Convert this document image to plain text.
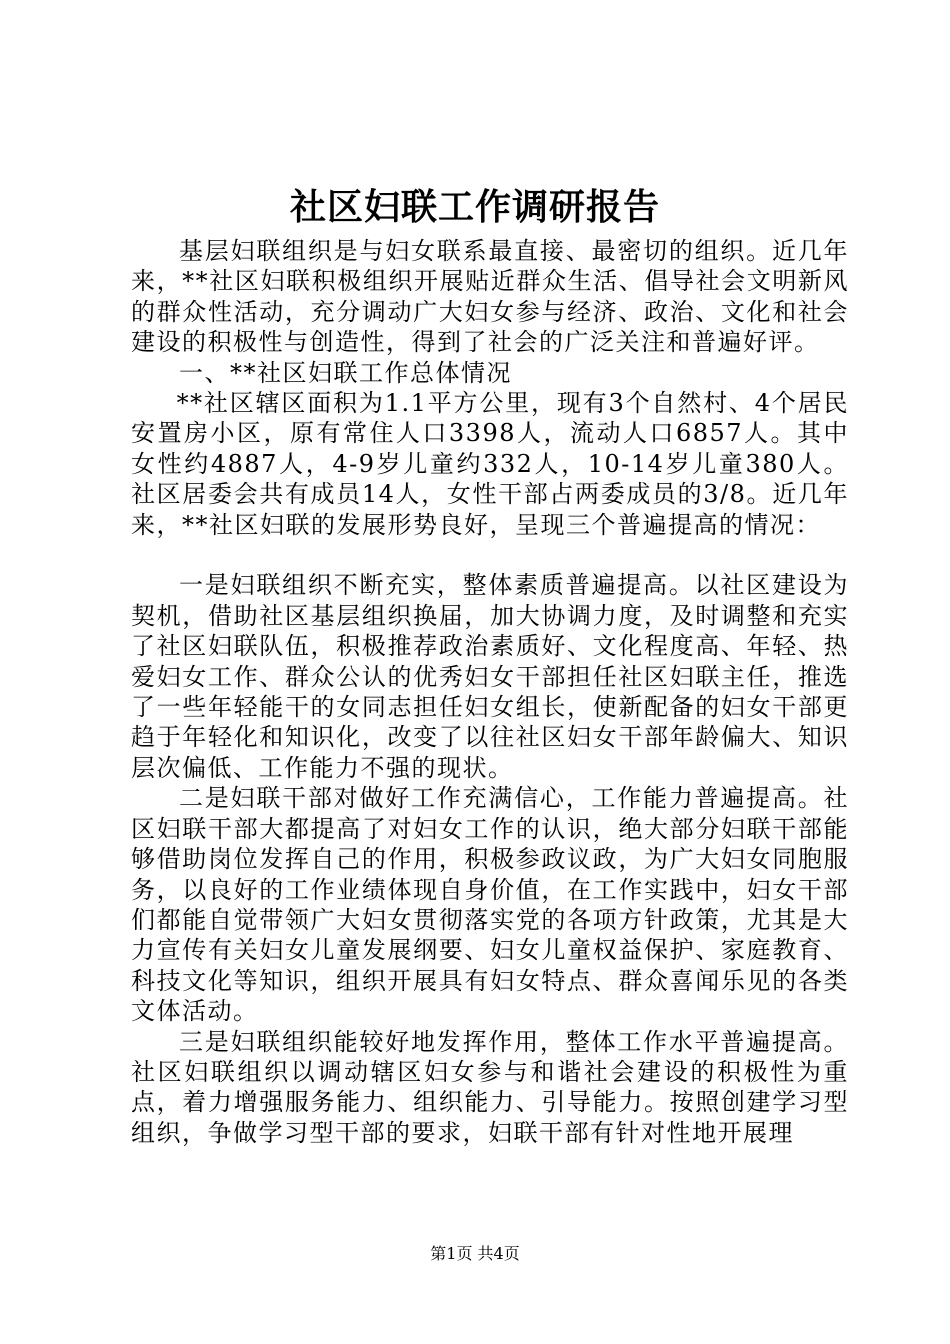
社区妇联工作调研报告

基层妇联组织是与妇女联系最直接、最密切的组织。近几年来，**社区妇联积极组织开展贴近群众生活、倡导社会文明新风的群众性活动，充分调动广大妇女参与经济、政治、文化和社会建设的积极性与创造性，得到了社会的广泛关注和普遍好评。

一、**社区妇联工作总体情况

**社区辖区面积为1.1平方公里，现有3个自然村、4个居民安置房小区，原有常住人口3398人，流动人口6857人。其中女性约4887人，4-9岁儿童约332人，10-14岁儿童380人。社区居委会共有成员14人，女性干部占两委成员的3/8。近几年来，**社区妇联的发展形势良好，呈现三个普遍提高的情况：

一是妇联组织不断充实，整体素质普遍提高。以社区建设为契机，借助社区基层组织换届，加大协调力度，及时调整和充实了社区妇联队伍，积极推荐政治素质好、文化程度高、年轻、热爱妇女工作、群众公认的优秀妇女干部担任社区妇联主任，推选了一些年轻能干的女同志担任妇女组长，使新配备的妇女干部更趋于年轻化和知识化，改变了以往社区妇女干部年龄偏大、知识层次偏低、工作能力不强的现状。

二是妇联干部对做好工作充满信心，工作能力普遍提高。社区妇联干部大都提高了对妇女工作的认识，绝大部分妇联干部能够借助岗位发挥自己的作用，积极参政议政，为广大妇女同胞服务，以良好的工作业绩体现自身价值，在工作实践中，妇女干部们都能自觉带领广大妇女贯彻落实党的各项方针政策，尤其是大力宣传有关妇女儿童发展纲要、妇女儿童权益保护、家庭教育、科技文化等知识，组织开展具有妇女特点、群众喜闻乐见的各类文体活动。

三是妇联组织能较好地发挥作用，整体工作水平普遍提高。社区妇联组织以调动辖区妇女参与和谐社会建设的积极性为重点，着力增强服务能力、组织能力、引导能力。按照创建学习型组织，争做学习型干部的要求，妇联干部有针对性地开展理

第1页 共4页
